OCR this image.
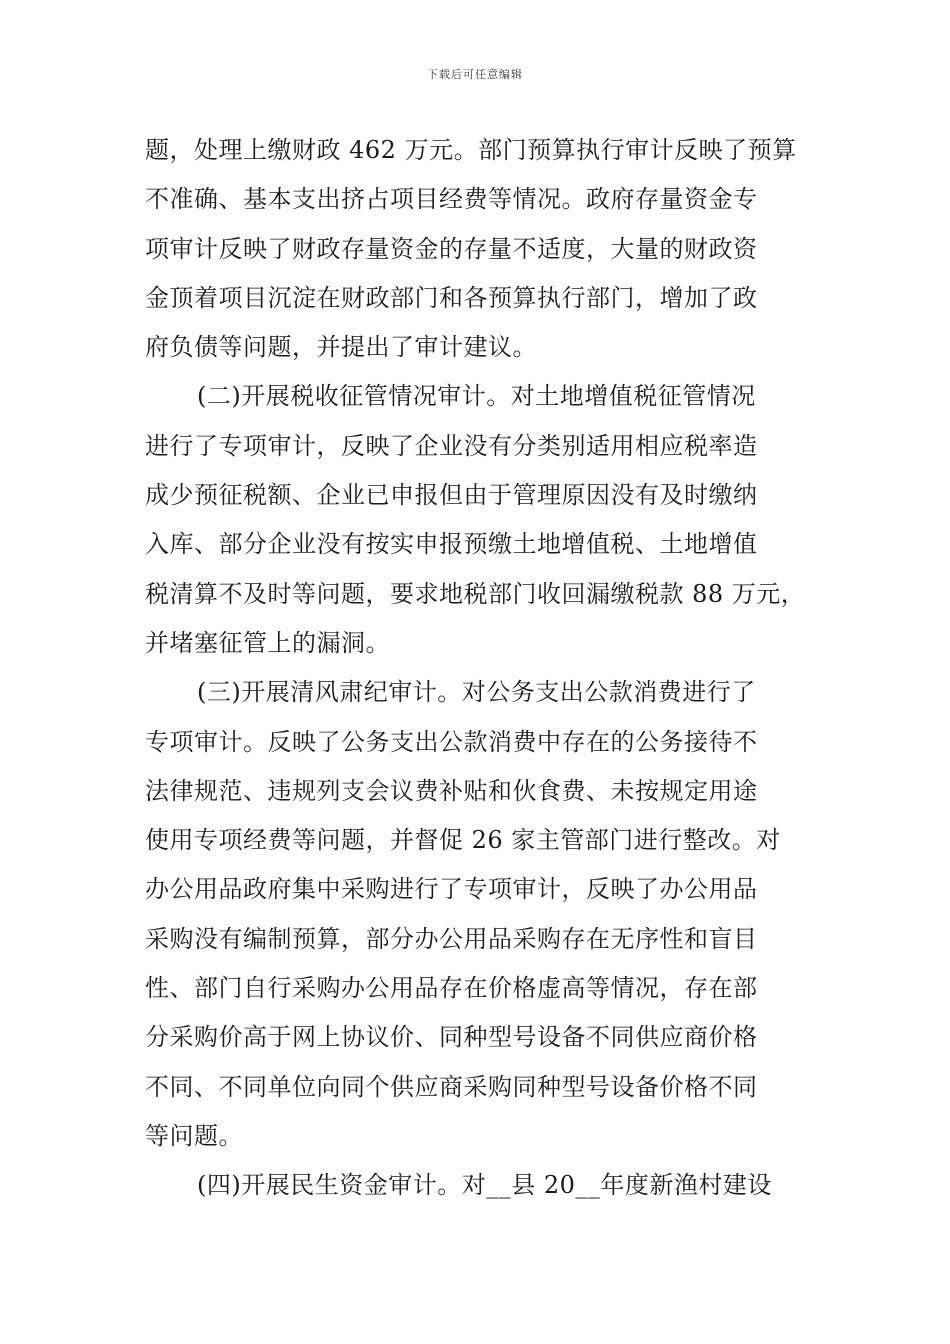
下载后可任意编辑
题，处理上缴财政 462 万元。部门预算执行审计反映了预算
不准确、基本支出挤占项目经费等情况。政府存量资金专
项审计反映了财政存量资金的存量不适度，大量的财政资
金顶着项目沉淀在财政部门和各预算执行部门，增加了政
府负债等问题，并提出了审计建议。
(二)开展税收征管情况审计。对土地增值税征管情况
进行了专项审计，反映了企业没有分类别适用相应税率造
成少预征税额、企业已申报但由于管理原因没有及时缴纳
入库、部分企业没有按实申报预缴土地增值税、土地增值
税清算不及时等问题，要求地税部门收回漏缴税款 88 万元，
并堵塞征管上的漏洞。
(三)开展清风肃纪审计。对公务支出公款消费进行了
专项审计。反映了公务支出公款消费中存在的公务接待不
法律规范、违规列支会议费补贴和伙食费、未按规定用途
使用专项经费等问题，并督促 26 家主管部门进行整改。对
办公用品政府集中采购进行了专项审计，反映了办公用品
采购没有编制预算，部分办公用品采购存在无序性和盲目
性、部门自行采购办公用品存在价格虚高等情况，存在部
分采购价高于网上协议价、同种型号设备不同供应商价格
不同、不同单位向同个供应商采购同种型号设备价格不同
等问题。
(四)开展民生资金审计。对__县 20__年度新渔村建设
